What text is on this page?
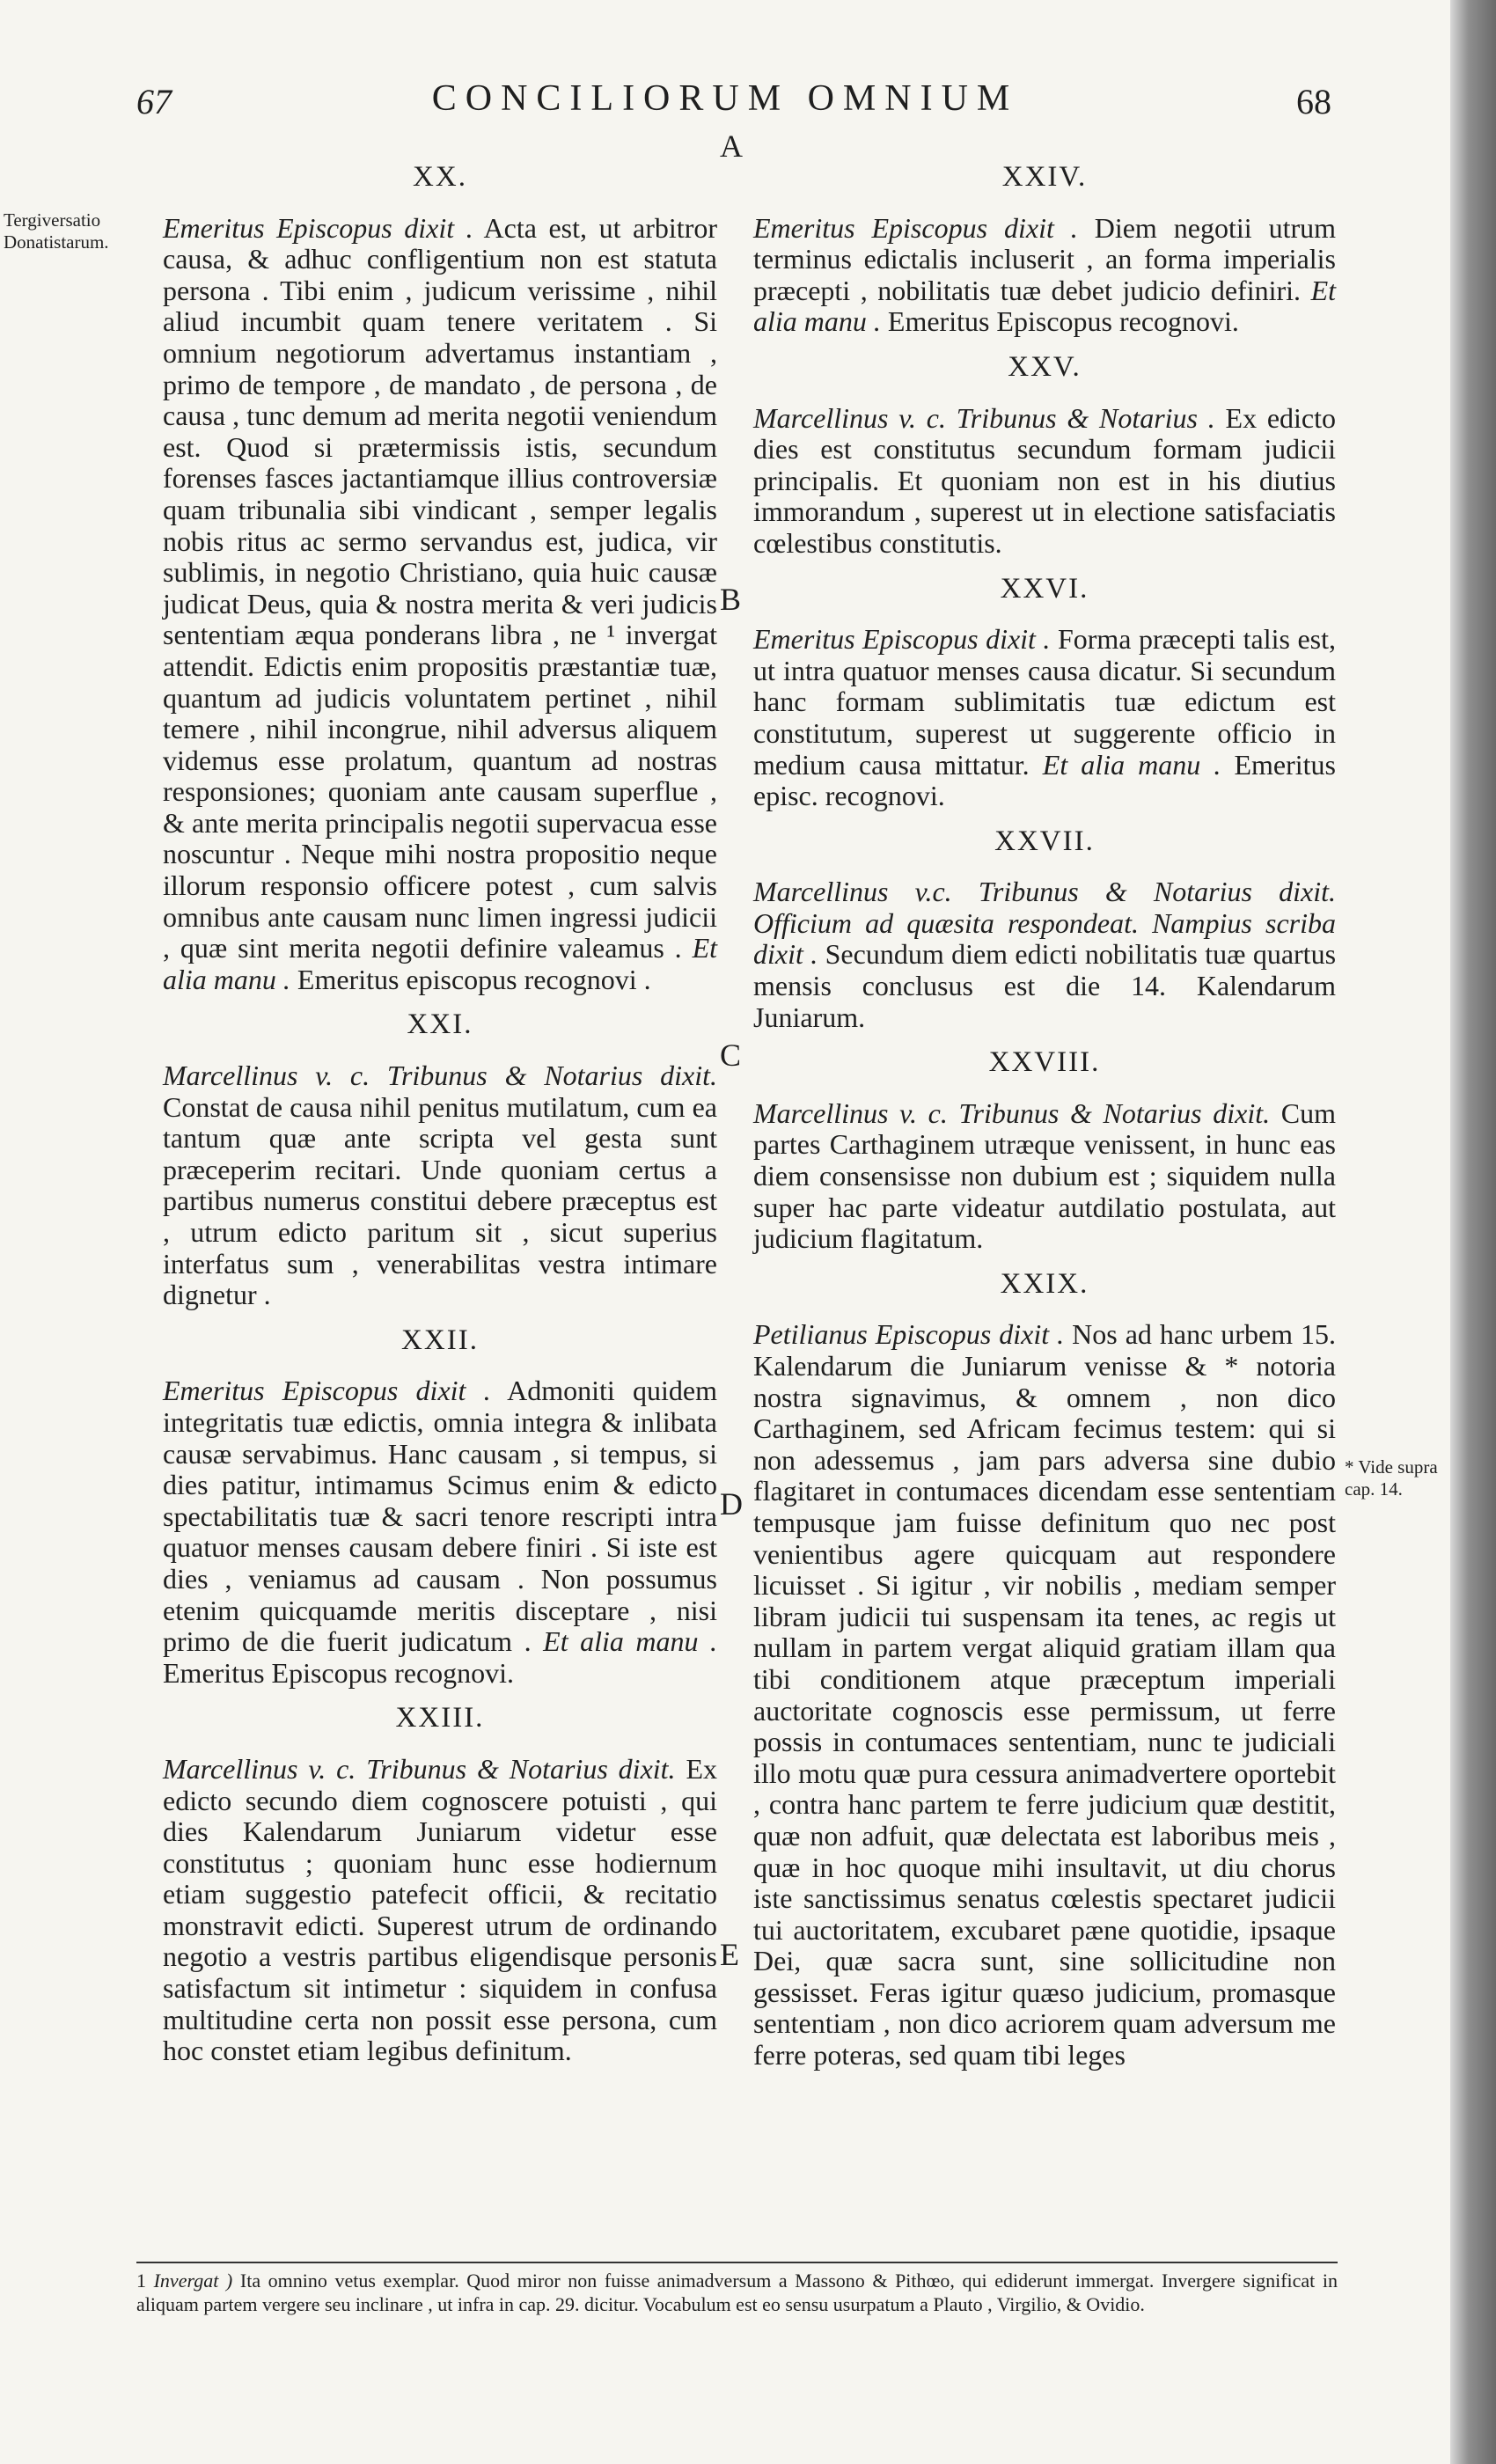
67	CONCILIORUM OMNIUM	68
A
B
C
D
E
Tergiversatio Donatistarum.
* Vide supra cap. 14.
XX.

Emeritus Episcopus dixit . Acta est, ut arbitror causa, & adhuc confligentium non est statuta persona . Tibi enim , judicum verissime , nihil aliud incumbit quam tenere veritatem . Si omnium negotiorum advertamus instantiam , primo de tempore , de mandato , de persona , de causa , tunc demum ad merita negotii veniendum est. Quod si prætermissis istis, secundum forenses fasces jactantiamque illius controversiæ quam tribunalia sibi vindicant , semper legalis nobis ritus ac sermo servandus est, judica, vir sublimis, in negotio Christiano, quia huic causæ judicat Deus, quia & nostra merita & veri judicis sententiam æqua ponderans libra , ne ¹ invergat attendit. Edictis enim propositis præstantiæ tuæ, quantum ad judicis voluntatem pertinet , nihil temere , nihil incongrue, nihil adversus aliquem videmus esse prolatum, quantum ad nostras responsiones; quoniam ante causam superflue , & ante merita principalis negotii supervacua esse noscuntur . Neque mihi nostra propositio neque illorum responsio officere potest , cum salvis omnibus ante causam nunc limen ingressi judicii , quæ sint merita negotii definire valeamus . Et alia manu . Emeritus episcopus recognovi .

XXI.

Marcellinus v. c. Tribunus & Notarius dixit. Constat de causa nihil penitus mutilatum, cum ea tantum quæ ante scripta vel gesta sunt præceperim recitari. Unde quoniam certus a partibus numerus constitui debere præceptus est , utrum edicto paritum sit , sicut superius interfatus sum , venerabilitas vestra intimare dignetur .

XXII.

Emeritus Episcopus dixit . Admoniti quidem integritatis tuæ edictis, omnia integra & inlibata causæ servabimus. Hanc causam , si tempus, si dies patitur, intimamus Scimus enim & edicto spectabilitatis tuæ & sacri tenore rescripti intra quatuor menses causam debere finiri . Si iste est dies , veniamus ad causam . Non possumus etenim quicquamde meritis disceptare , nisi primo de die fuerit judicatum . Et alia manu . Emeritus Episcopus recognovi.

XXIII.

Marcellinus v. c. Tribunus & Notarius dixit. Ex edicto secundo diem cognoscere potuisti , qui dies Kalendarum Juniarum videtur esse constitutus ; quoniam hunc esse hodiernum etiam suggestio patefecit officii, & recitatio monstravit edicti. Superest utrum de ordinando negotio a vestris partibus eligendisque personis satisfactum sit intimetur : siquidem in confusa multitudine certa non possit esse persona, cum hoc constet etiam legibus definitum.

XXIV.

Emeritus Episcopus dixit . Diem negotii utrum terminus edictalis incluserit , an forma imperialis præcepti , nobilitatis tuæ debet judicio definiri. Et alia manu . Emeritus Episcopus recognovi.

XXV.

Marcellinus v. c. Tribunus & Notarius . Ex edicto dies est constitutus secundum formam judicii principalis. Et quoniam non est in his diutius immorandum , superest ut in electione satisfaciatis cœlestibus constitutis.

XXVI.

Emeritus Episcopus dixit . Forma præcepti talis est, ut intra quatuor menses causa dicatur. Si secundum hanc formam sublimitatis tuæ edictum est constitutum, superest ut suggerente officio in medium causa mittatur. Et alia manu . Emeritus episc. recognovi.

XXVII.

Marcellinus v.c. Tribunus & Notarius dixit. Officium ad quæsita respondeat. Nampius scriba dixit . Secundum diem edicti nobilitatis tuæ quartus mensis conclusus est die 14. Kalendarum Juniarum.

XXVIII.

Marcellinus v. c. Tribunus & Notarius dixit. Cum partes Carthaginem utræque venissent, in hunc eas diem consensisse non dubium est ; siquidem nulla super hac parte videatur autdilatio postulata, aut judicium flagitatum.

XXIX.

Petilianus Episcopus dixit . Nos ad hanc urbem 15. Kalendarum die Juniarum venisse & * notoria nostra signavimus, & omnem , non dico Carthaginem, sed Africam fecimus testem: qui si non adessemus , jam pars adversa sine dubio flagitaret in contumaces dicendam esse sententiam tempusque jam fuisse definitum quo nec post venientibus agere quicquam aut respondere licuisset . Si igitur , vir nobilis , mediam semper libram judicii tui suspensam ita tenes, ac regis ut nullam in partem vergat aliquid gratiam illam qua tibi conditionem atque præceptum imperiali auctoritate cognoscis esse permissum, ut ferre possis in contumaces sententiam, nunc te judiciali illo motu quæ pura cessura animadvertere oportebit , contra hanc partem te ferre judicium quæ destitit, quæ non adfuit, quæ delectata est laboribus meis , quæ in hoc quoque mihi insultavit, ut diu chorus iste sanctissimus senatus cœlestis spectaret judicii tui auctoritatem, excubaret pæne quotidie, ipsaque Dei, quæ sacra sunt, sine sollicitudine non gessisset. Feras igitur quæso judicium, promasque sententiam , non dico acriorem quam adversum me ferre poteras, sed quam tibi leges

1 Invergat ) Ita omnino vetus exemplar. Quod miror non fuisse animadversum a Massono & Pithœo, qui ediderunt immergat. Invergere significat in aliquam partem vergere seu inclinare , ut infra in cap. 29. dicitur. Vocabulum est eo sensu usurpatum a Plauto , Virgilio, & Ovidio.
